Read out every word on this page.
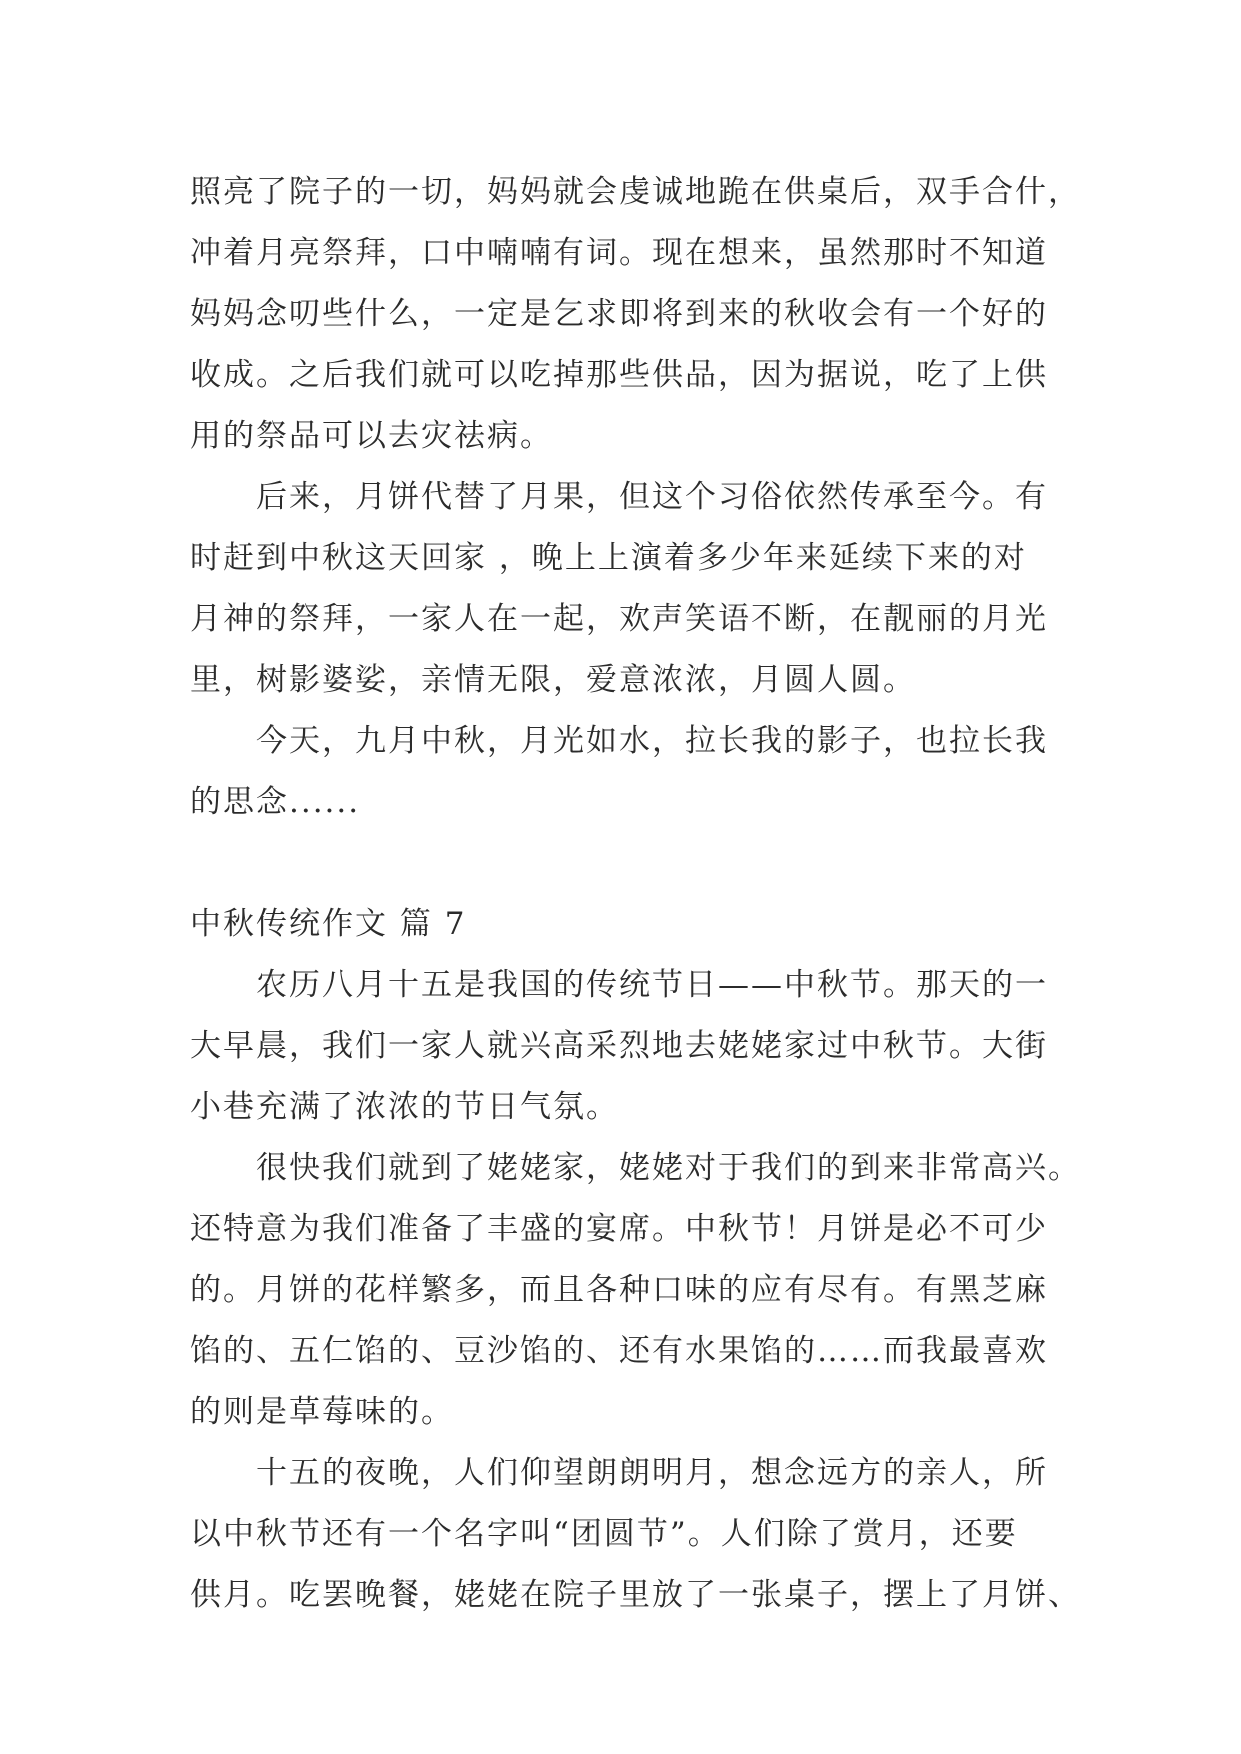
照亮了院子的一切，妈妈就会虔诚地跪在供桌后，双手合什，
冲着月亮祭拜，口中喃喃有词。现在想来，虽然那时不知道
妈妈念叨些什么，一定是乞求即将到来的秋收会有一个好的
收成。之后我们就可以吃掉那些供品，因为据说，吃了上供
用的祭品可以去灾祛病。
后来，月饼代替了月果，但这个习俗依然传承至今。有
时赶到中秋这天回家 ，晚上上演着多少年来延续下来的对
月神的祭拜，一家人在一起，欢声笑语不断，在靓丽的月光
里，树影婆娑，亲情无限，爱意浓浓，月圆人圆。
今天，九月中秋，月光如水，拉长我的影子，也拉长我
的思念......
中秋传统作文 篇 7
农历八月十五是我国的传统节日——中秋节。那天的一
大早晨，我们一家人就兴高采烈地去姥姥家过中秋节。大街
小巷充满了浓浓的节日气氛。
很快我们就到了姥姥家，姥姥对于我们的到来非常高兴。
还特意为我们准备了丰盛的宴席。中秋节！月饼是必不可少
的。月饼的花样繁多，而且各种口味的应有尽有。有黑芝麻
馅的、五仁馅的、豆沙馅的、还有水果馅的……而我最喜欢
的则是草莓味的。
十五的夜晚，人们仰望朗朗明月，想念远方的亲人，所
以中秋节还有一个名字叫“团圆节”。人们除了赏月，还要
供月。吃罢晚餐，姥姥在院子里放了一张桌子，摆上了月饼、
